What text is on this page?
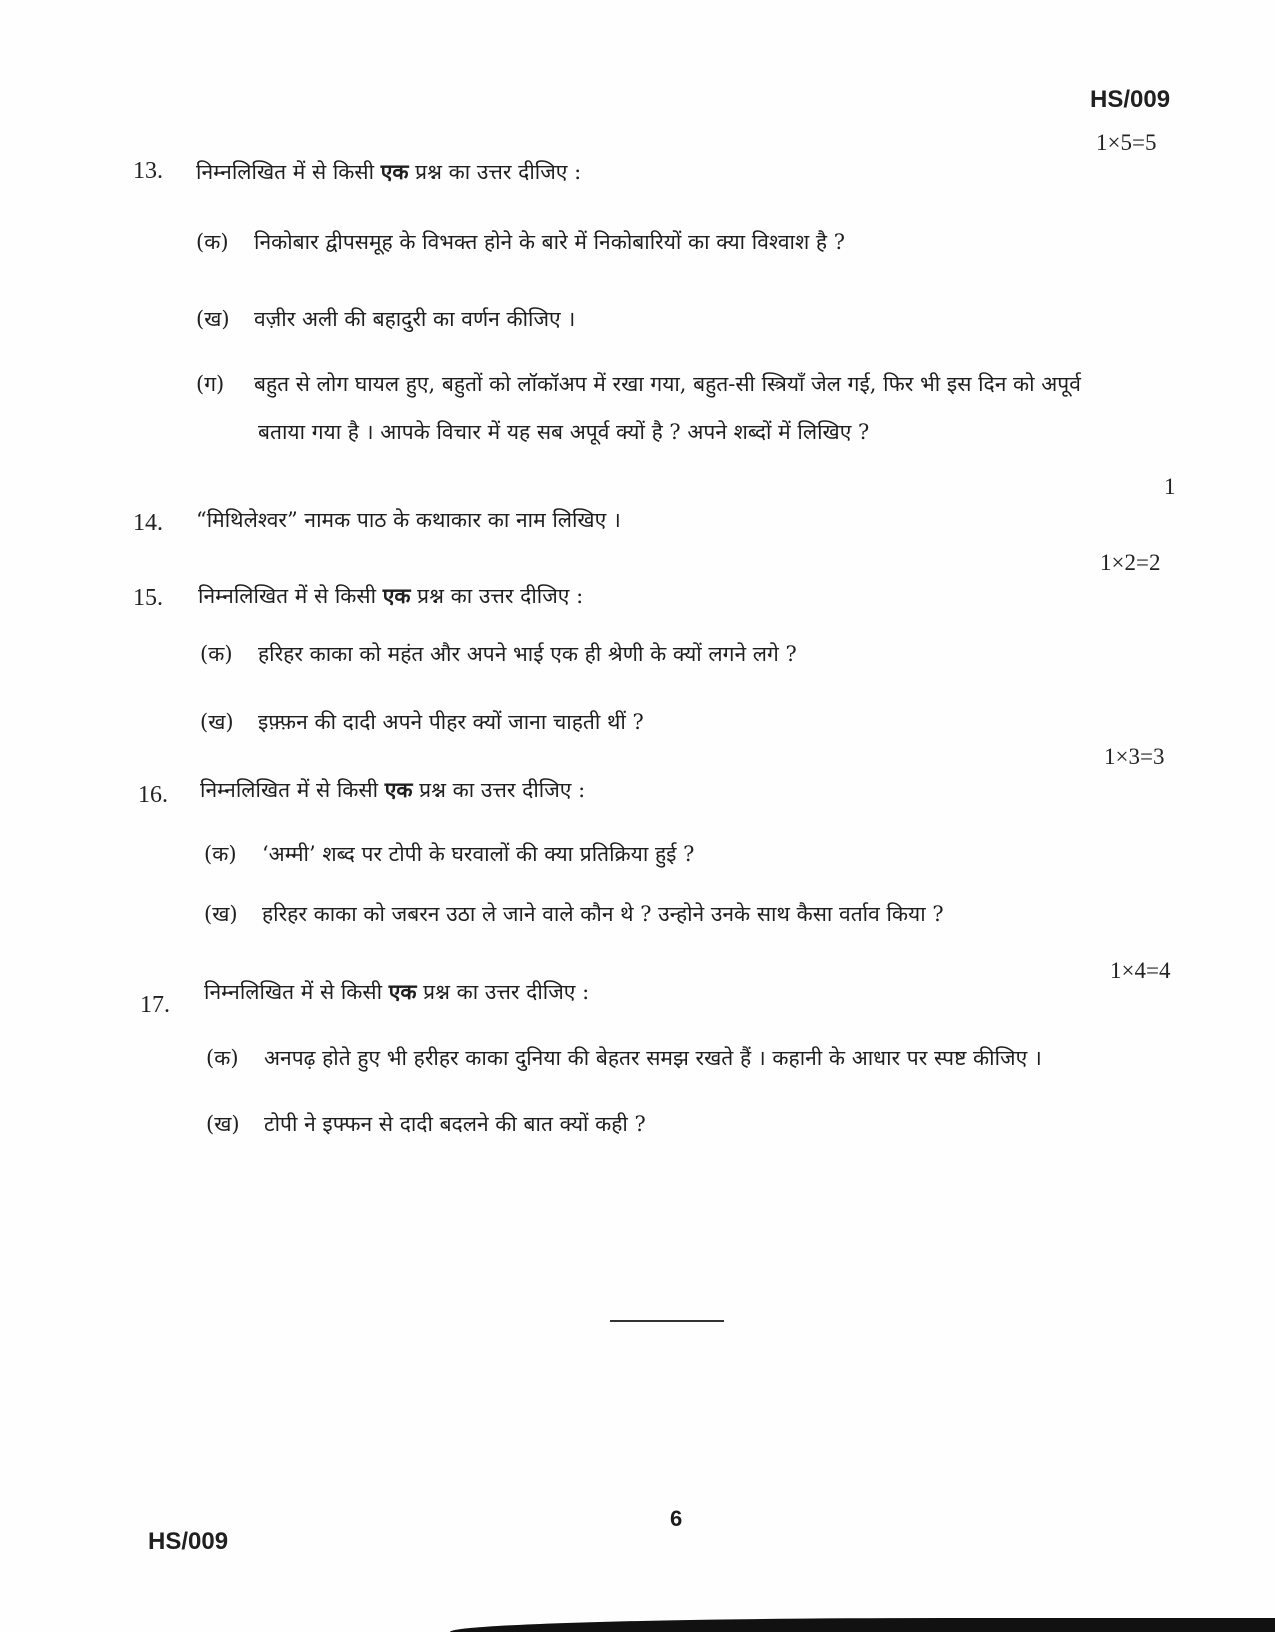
HS/009
1×5=5
13. निम्नलिखित में से किसी एक प्रश्न का उत्तर दीजिए :
(क) निकोबार द्वीपसमूह के विभक्त होने के बारे में निकोबारियों का क्या विश्वाश है ?
(ख) वज़ीर अली की बहादुरी का वर्णन कीजिए ।
(ग) बहुत से लोग घायल हुए, बहुतों को लॉकॉअप में रखा गया, बहुत-सी स्त्रियाँ जेल गई, फिर भी इस दिन को अपूर्व
बताया गया है । आपके विचार में यह सब अपूर्व क्यों है ? अपने शब्दों में लिखिए ?
1
14. “मिथिलेश्वर” नामक पाठ के कथाकार का नाम लिखिए ।
1×2=2
15. निम्नलिखित में से किसी एक प्रश्न का उत्तर दीजिए :
(क) हरिहर काका को महंत और अपने भाई एक ही श्रेणी के क्यों लगने लगे ?
(ख) इफ़्फ़न की दादी अपने पीहर क्यों जाना चाहती थीं ?
1×3=3
16. निम्नलिखित में से किसी एक प्रश्न का उत्तर दीजिए :
(क) ‘अम्मी’ शब्द पर टोपी के घरवालों की क्या प्रतिक्रिया हुई ?
(ख) हरिहर काका को जबरन उठा ले जाने वाले कौन थे ? उन्होने उनके साथ कैसा वर्ताव किया ?
1×4=4
17. निम्नलिखित में से किसी एक प्रश्न का उत्तर दीजिए :
(क) अनपढ़ होते हुए भी हरीहर काका दुनिया की बेहतर समझ रखते हैं । कहानी के आधार पर स्पष्ट कीजिए ।
(ख) टोपी ने इफ्फन से दादी बदलने की बात क्यों कही ?
6
HS/009
